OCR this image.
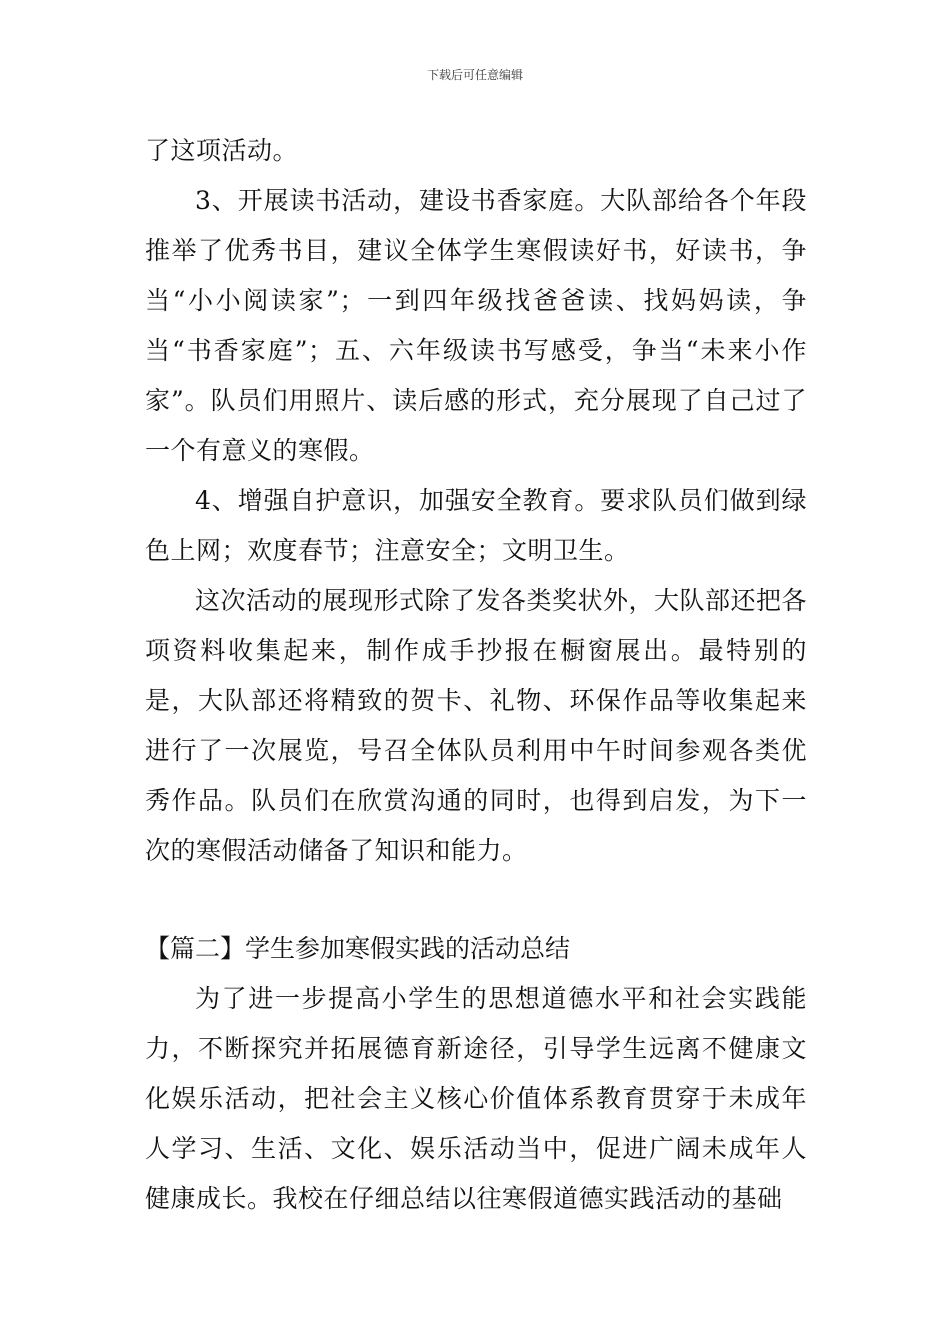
下载后可任意编辑

了这项活动。

3、开展读书活动，建设书香家庭。大队部给各个年段推举了优秀书目，建议全体学生寒假读好书，好读书，争当“小小阅读家”；一到四年级找爸爸读、找妈妈读，争当“书香家庭”；五、六年级读书写感受，争当“未来小作家”。队员们用照片、读后感的形式，充分展现了自己过了一个有意义的寒假。

4、增强自护意识，加强安全教育。要求队员们做到绿色上网；欢度春节；注意安全；文明卫生。

这次活动的展现形式除了发各类奖状外，大队部还把各项资料收集起来，制作成手抄报在橱窗展出。最特别的是，大队部还将精致的贺卡、礼物、环保作品等收集起来进行了一次展览，号召全体队员利用中午时间参观各类优秀作品。队员们在欣赏沟通的同时，也得到启发，为下一次的寒假活动储备了知识和能力。

【篇二】学生参加寒假实践的活动总结

为了进一步提高小学生的思想道德水平和社会实践能力，不断探究并拓展德育新途径，引导学生远离不健康文化娱乐活动，把社会主义核心价值体系教育贯穿于未成年人学习、生活、文化、娱乐活动当中，促进广阔未成年人健康成长。我校在仔细总结以往寒假道德实践活动的基础
